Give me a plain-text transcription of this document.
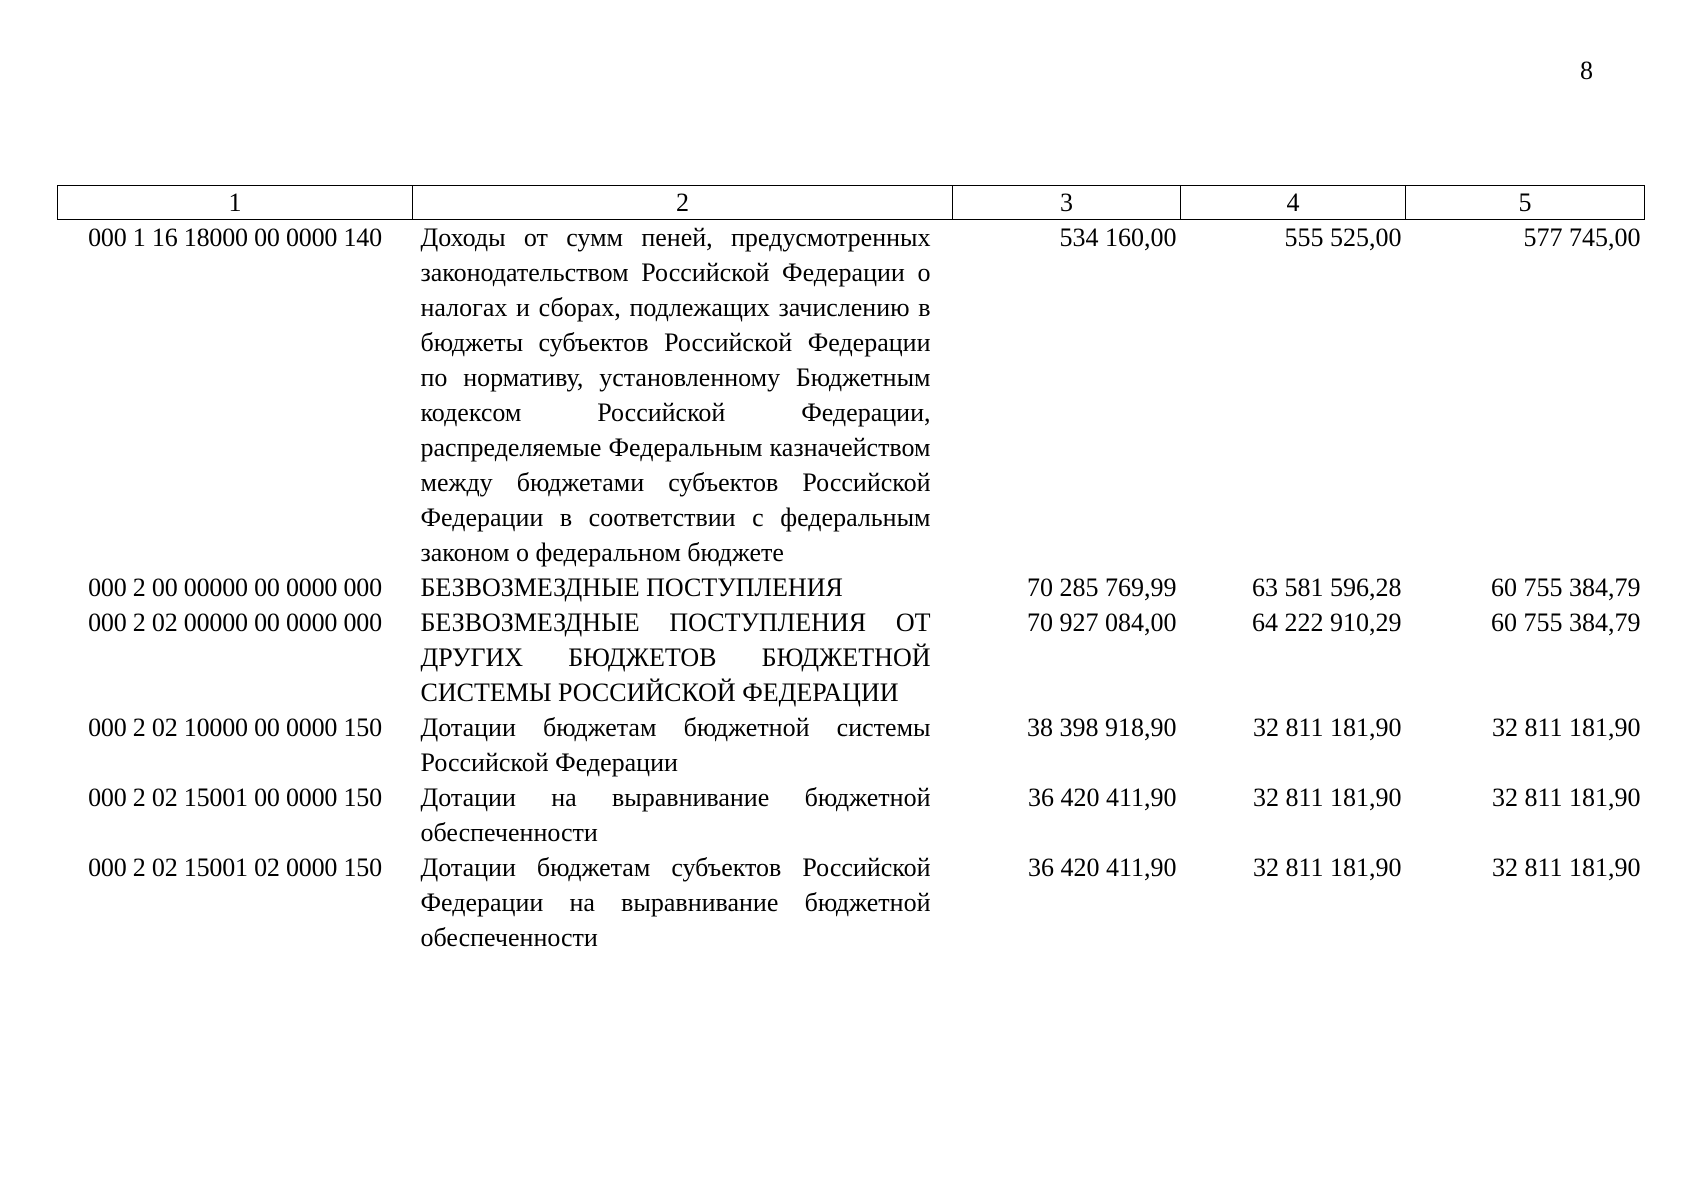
8
1	2	3	4	5
000 1 16 18000 00 0000 140	Доходы от сумм пеней, предусмотренных законодательством Российской Федерации о налогах и сборах, подлежащих зачислению в бюджеты субъектов Российской Федерации по нормативу, установленному Бюджетным кодексом Российской Федерации, распределяемые Федеральным казначейством между бюджетами субъектов Российской Федерации в соответствии с федеральным законом о федеральном бюджете	534 160,00	555 525,00	577 745,00
000 2 00 00000 00 0000 000	БЕЗВОЗМЕЗДНЫЕ ПОСТУПЛЕНИЯ	70 285 769,99	63 581 596,28	60 755 384,79
000 2 02 00000 00 0000 000	БЕЗВОЗМЕЗДНЫЕ ПОСТУПЛЕНИЯ ОТ ДРУГИХ БЮДЖЕТОВ БЮДЖЕТНОЙ СИСТЕМЫ РОССИЙСКОЙ ФЕДЕРАЦИИ	70 927 084,00	64 222 910,29	60 755 384,79
000 2 02 10000 00 0000 150	Дотации бюджетам бюджетной системы Российской Федерации	38 398 918,90	32 811 181,90	32 811 181,90
000 2 02 15001 00 0000 150	Дотации на выравнивание бюджетной обеспеченности	36 420 411,90	32 811 181,90	32 811 181,90
000 2 02 15001 02 0000 150	Дотации бюджетам субъектов Российской Федерации на выравнивание бюджетной обеспеченности	36 420 411,90	32 811 181,90	32 811 181,90
